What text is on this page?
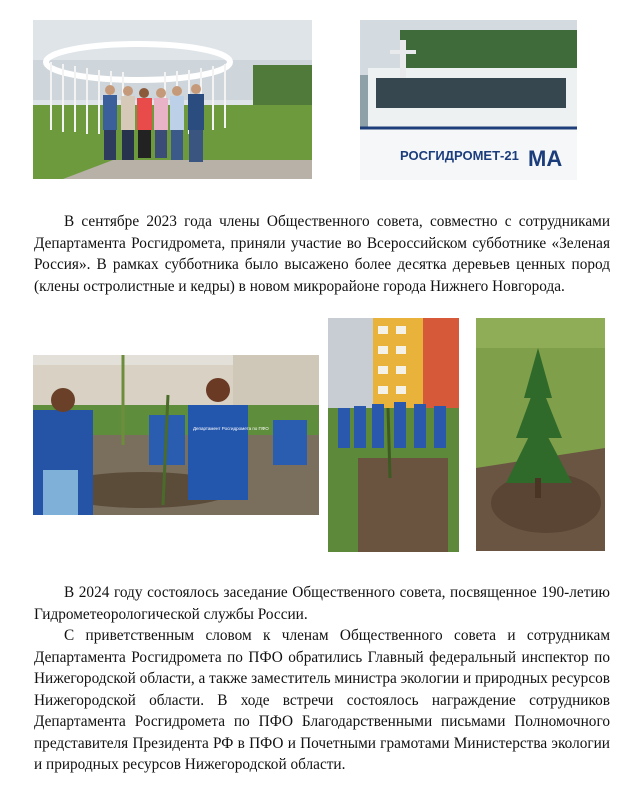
РОСГИДРОМЕТ-21 МА

В сентябре 2023 года члены Общественного совета, совместно с сотрудниками Департамента Росгидромета, приняли участие во Всероссийском субботнике «Зеленая Россия». В рамках субботника было высажено более десятка деревьев ценных пород (клены остролистные и кедры) в новом микрорайоне города Нижнего Новгорода.

Департамент Росгидромета по ПФО

В 2024 году состоялось заседание Общественного совета, посвященное 190-летию Гидрометеорологической службы России.

С приветственным словом к членам Общественного совета и сотрудникам Департамента Росгидромета по ПФО обратились Главный федеральный инспектор по Нижегородской области, а также заместитель министра экологии и природных ресурсов Нижегородской области. В ходе встречи состоялось награждение сотрудников Департамента Росгидромета по ПФО Благодарственными письмами Полномочного представителя Президента РФ в ПФО и Почетными грамотами Министерства экологии и природных ресурсов Нижегородской области.
